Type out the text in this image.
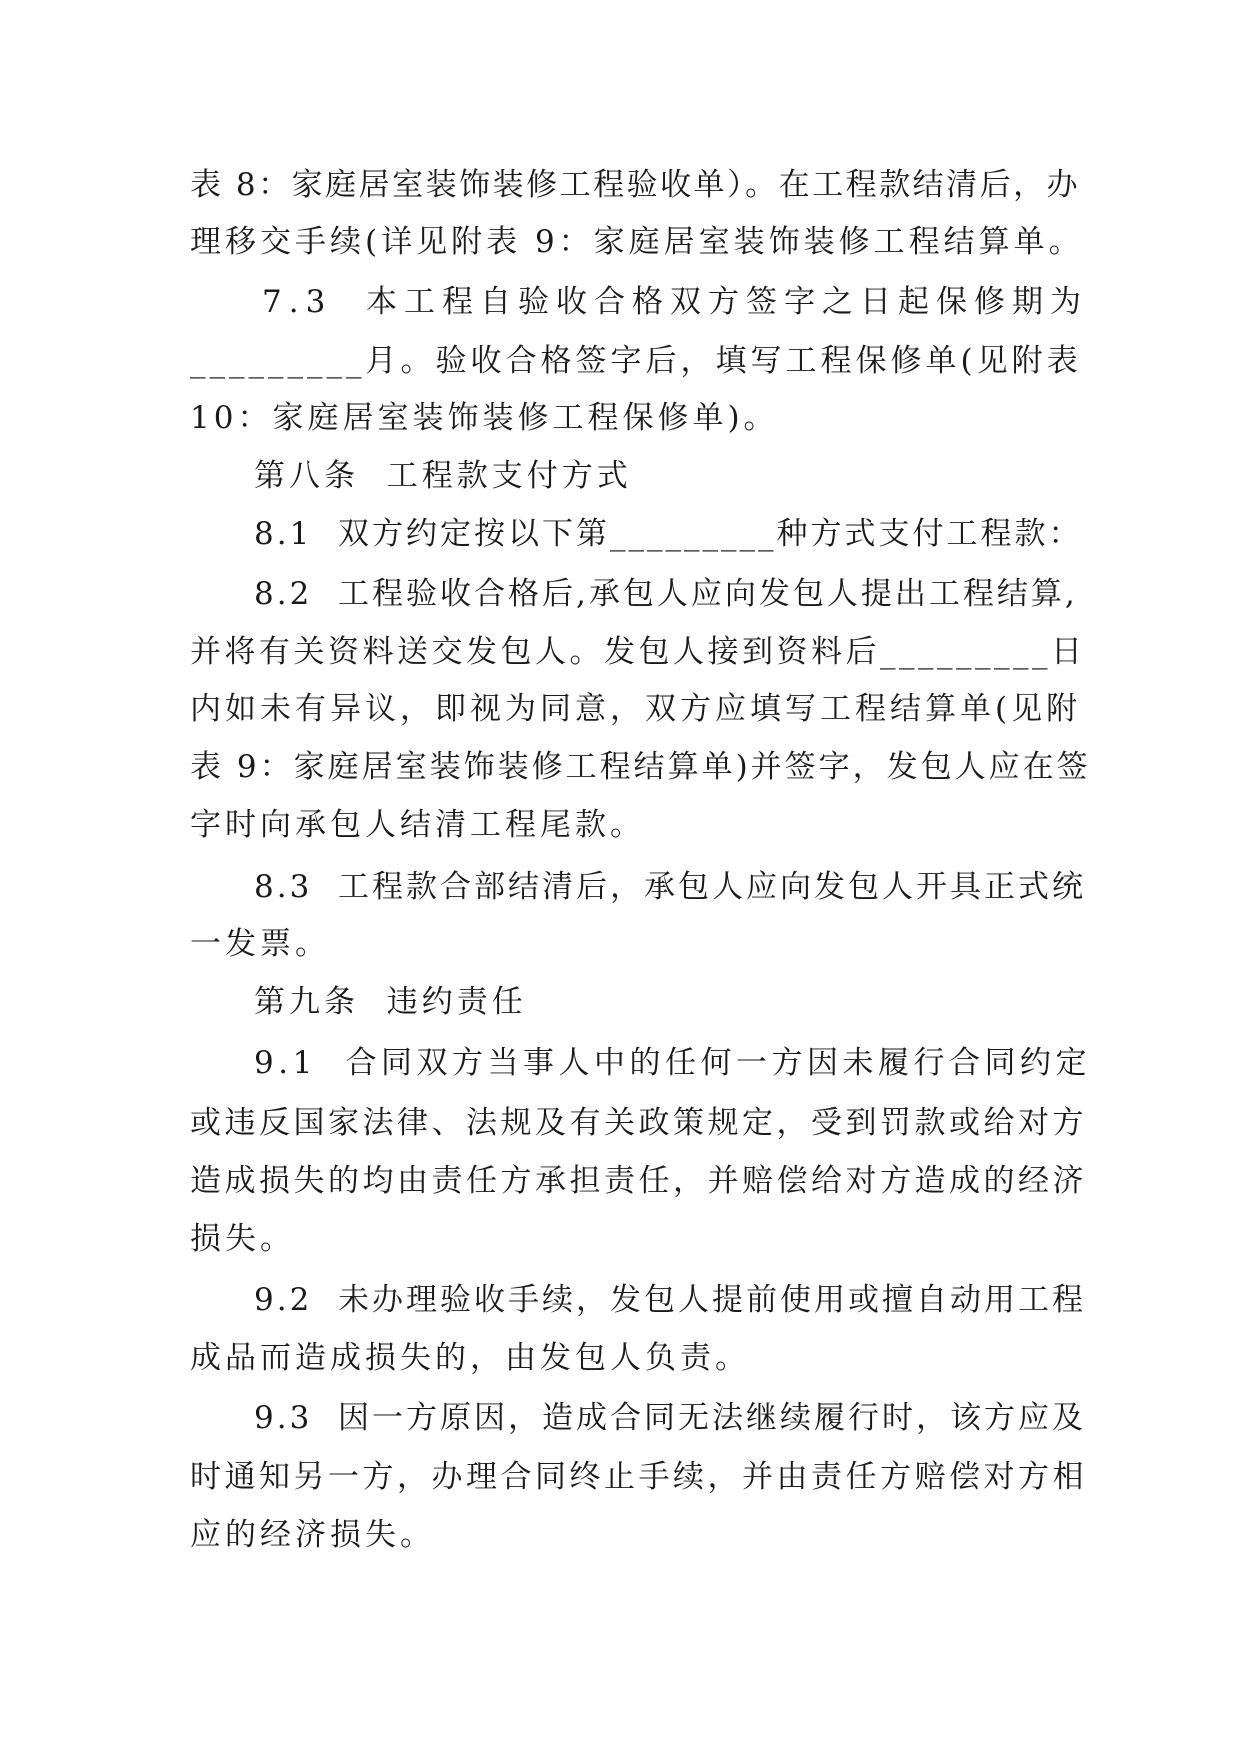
表 8：家庭居室装饰装修工程验收单）。在工程款结清后，办
理移交手续(详见附表 9：家庭居室装饰装修工程结算单。
7.3  本工程自验收合格双方签字之日起保修期为
_________月。验收合格签字后，填写工程保修单(见附表
10：家庭居室装饰装修工程保修单)。
第八条  工程款支付方式
8.1  双方约定按以下第_________种方式支付工程款：
8.2  工程验收合格后,承包人应向发包人提出工程结算,
并将有关资料送交发包人。发包人接到资料后_________日
内如未有异议，即视为同意，双方应填写工程结算单(见附
表 9：家庭居室装饰装修工程结算单)并签字，发包人应在签
字时向承包人结清工程尾款。
8.3  工程款合部结清后，承包人应向发包人开具正式统
一发票。
第九条  违约责任
9.1  合同双方当事人中的任何一方因未履行合同约定
或违反国家法律、法规及有关政策规定，受到罚款或给对方
造成损失的均由责任方承担责任，并赔偿给对方造成的经济
损失。
9.2  未办理验收手续，发包人提前使用或擅自动用工程
成品而造成损失的，由发包人负责。
9.3  因一方原因，造成合同无法继续履行时，该方应及
时通知另一方，办理合同终止手续，并由责任方赔偿对方相
应的经济损失。
